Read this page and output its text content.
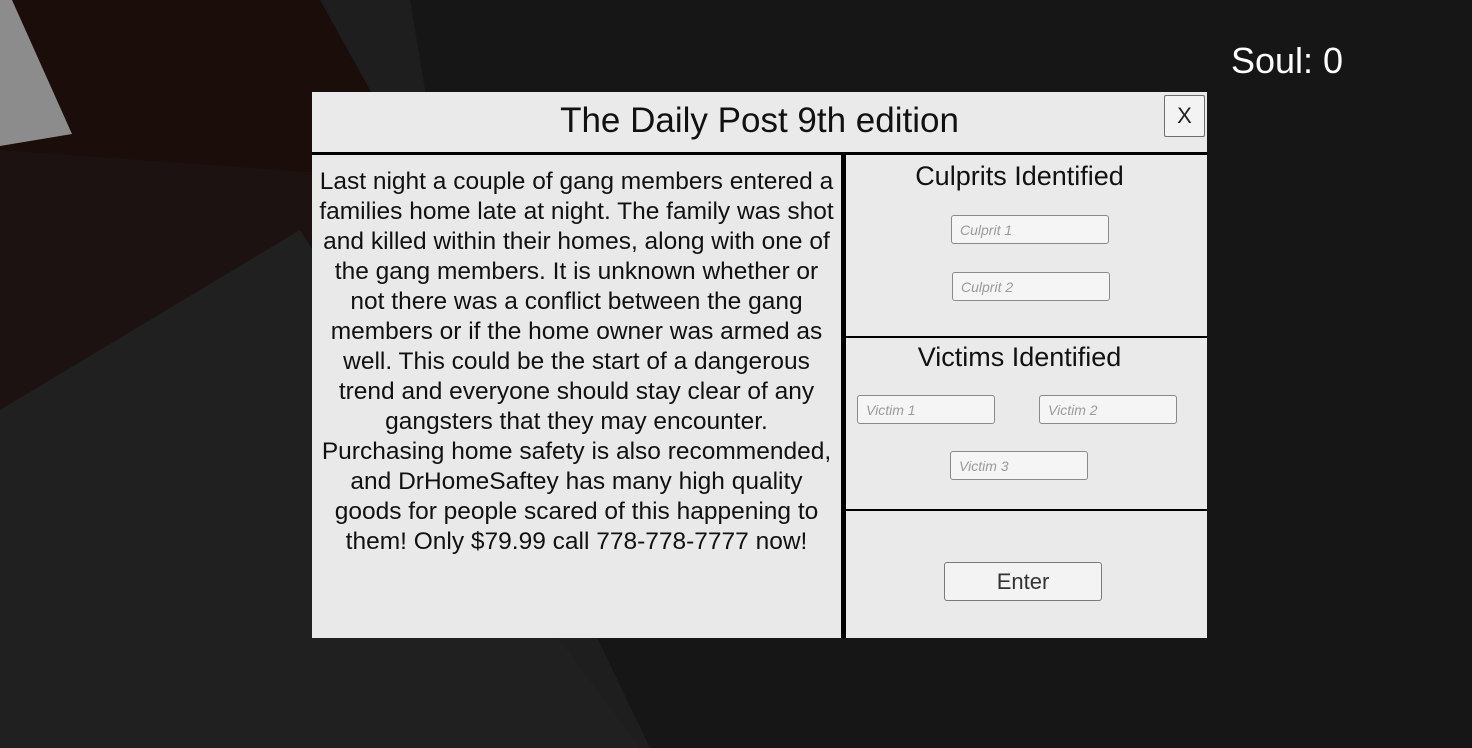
Soul: 0
The Daily Post 9th edition	X

Last night a couple of gang members entered a families home late at night. The family was shot and killed within their homes, along with one of the gang members. It is unknown whether or not there was a conflict between the gang members or if the home owner was armed as well. This could be the start of a dangerous trend and everyone should stay clear of any gangsters that they may encounter.

Purchasing home safety is also recommended, and DrHomeSaftey has many high quality goods for people scared of this happening to them! Only $79.99 call 778-778-7777 now!

Culprits Identified
Culprit 1
Culprit 2
Victims Identified
Victim 1
Victim 2
Victim 3
Enter
